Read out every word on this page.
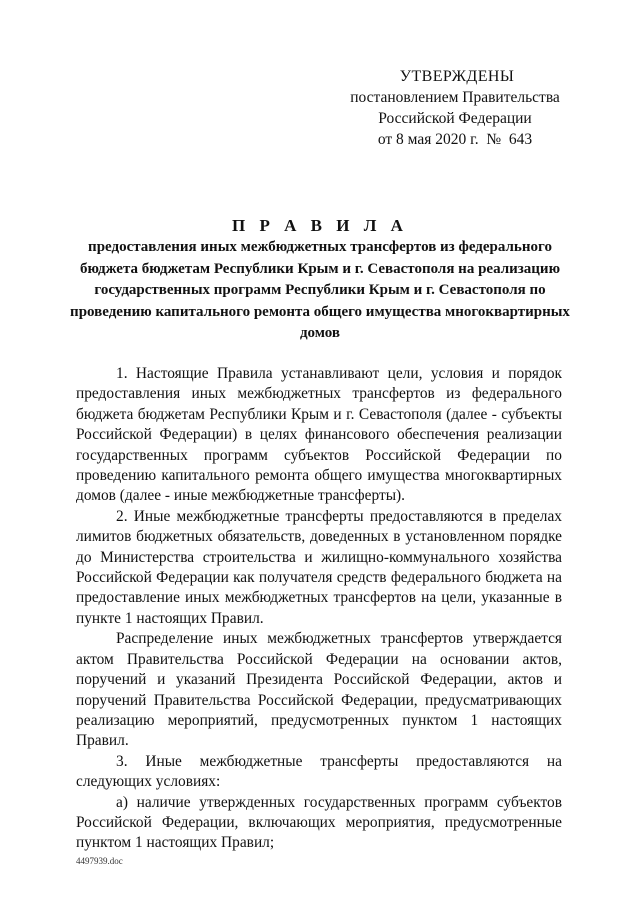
УТВЕРЖДЕНЫ
постановлением Правительства
Российской Федерации
от 8 мая 2020 г.  №  643
П Р А В И Л А
предоставления иных межбюджетных трансфертов из федерального бюджета бюджетам Республики Крым и г. Севастополя на реализацию государственных программ Республики Крым и г. Севастополя по проведению капитального ремонта общего имущества многоквартирных домов

1. Настоящие Правила устанавливают цели, условия и порядок предоставления иных межбюджетных трансфертов из федерального бюджета бюджетам Республики Крым и г. Севастополя (далее - субъекты Российской Федерации) в целях финансового обеспечения реализации государственных программ субъектов Российской Федерации по проведению капитального ремонта общего имущества многоквартирных домов (далее - иные межбюджетные трансферты).

2. Иные межбюджетные трансферты предоставляются в пределах лимитов бюджетных обязательств, доведенных в установленном порядке до Министерства строительства и жилищно-коммунального хозяйства Российской Федерации как получателя средств федерального бюджета на предоставление иных межбюджетных трансфертов на цели, указанные в пункте 1 настоящих Правил.

Распределение иных межбюджетных трансфертов утверждается актом Правительства Российской Федерации на основании актов, поручений и указаний Президента Российской Федерации, актов и поручений Правительства Российской Федерации, предусматривающих реализацию мероприятий, предусмотренных пунктом 1 настоящих Правил.

3. Иные межбюджетные трансферты предоставляются на следующих условиях:

а) наличие утвержденных государственных программ субъектов Российской Федерации, включающих мероприятия, предусмотренные пунктом 1 настоящих Правил;

4497939.doc
